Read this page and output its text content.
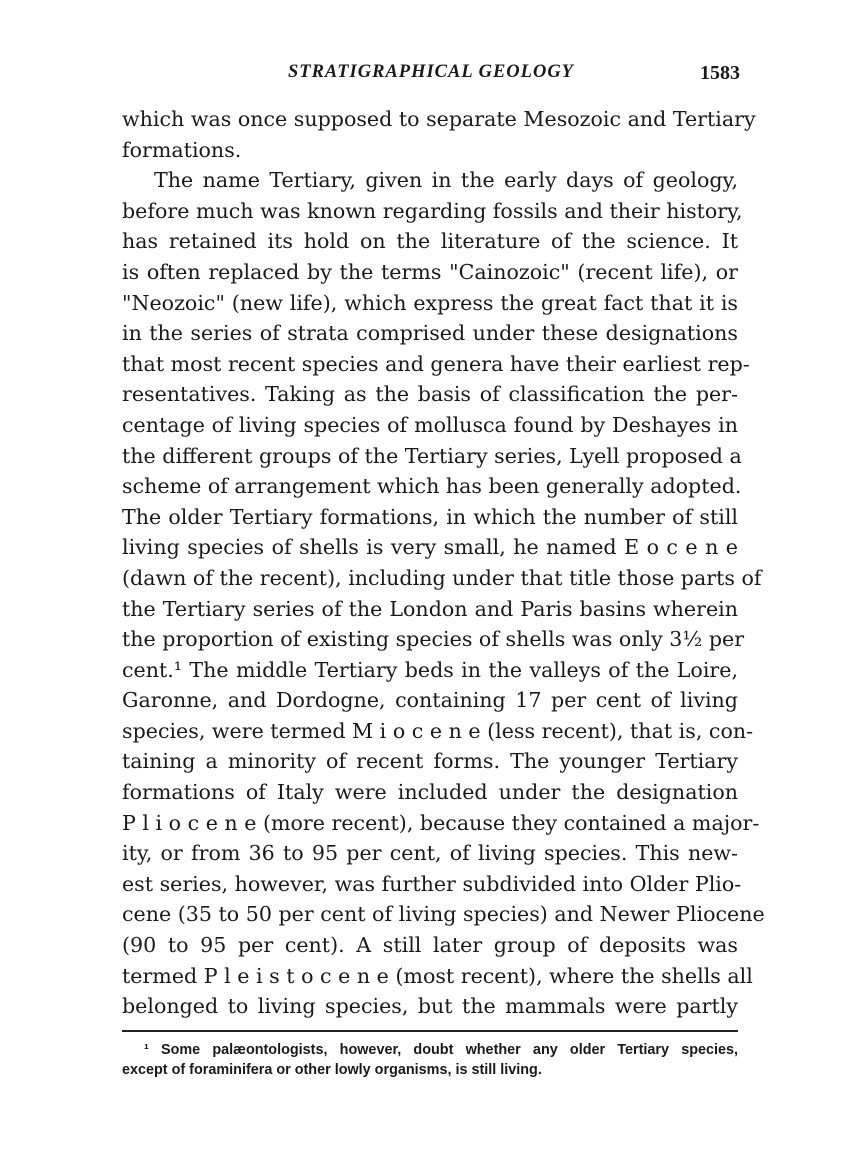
STRATIGRAPHICAL GEOLOGY	1583
which was once supposed to separate Mesozoic and Tertiary
formations.
The name Tertiary, given in the early days of geology,
before much was known regarding fossils and their history,
has retained its hold on the literature of the science. It
is often replaced by the terms "Cainozoic" (recent life), or
"Neozoic" (new life), which express the great fact that it is
in the series of strata comprised under these designations
that most recent species and genera have their earliest rep-
resentatives. Taking as the basis of classification the per-
centage of living species of mollusca found by Deshayes in
the different groups of the Tertiary series, Lyell proposed a
scheme of arrangement which has been generally adopted.
The older Tertiary formations, in which the number of still
living species of shells is very small, he named E o c e n e
(dawn of the recent), including under that title those parts of
the Tertiary series of the London and Paris basins wherein
the proportion of existing species of shells was only 3½ per
cent.¹ The middle Tertiary beds in the valleys of the Loire,
Garonne, and Dordogne, containing 17 per cent of living
species, were termed M i o c e n e (less recent), that is, con-
taining a minority of recent forms. The younger Tertiary
formations of Italy were included under the designation
P l i o c e n e (more recent), because they contained a major-
ity, or from 36 to 95 per cent, of living species. This new-
est series, however, was further subdivided into Older Plio-
cene (35 to 50 per cent of living species) and Newer Pliocene
(90 to 95 per cent). A still later group of deposits was
termed P l e i s t o c e n e (most recent), where the shells all
belonged to living species, but the mammals were partly
¹ Some palæontologists, however, doubt whether any older Tertiary species,
except of foraminifera or other lowly organisms, is still living.
